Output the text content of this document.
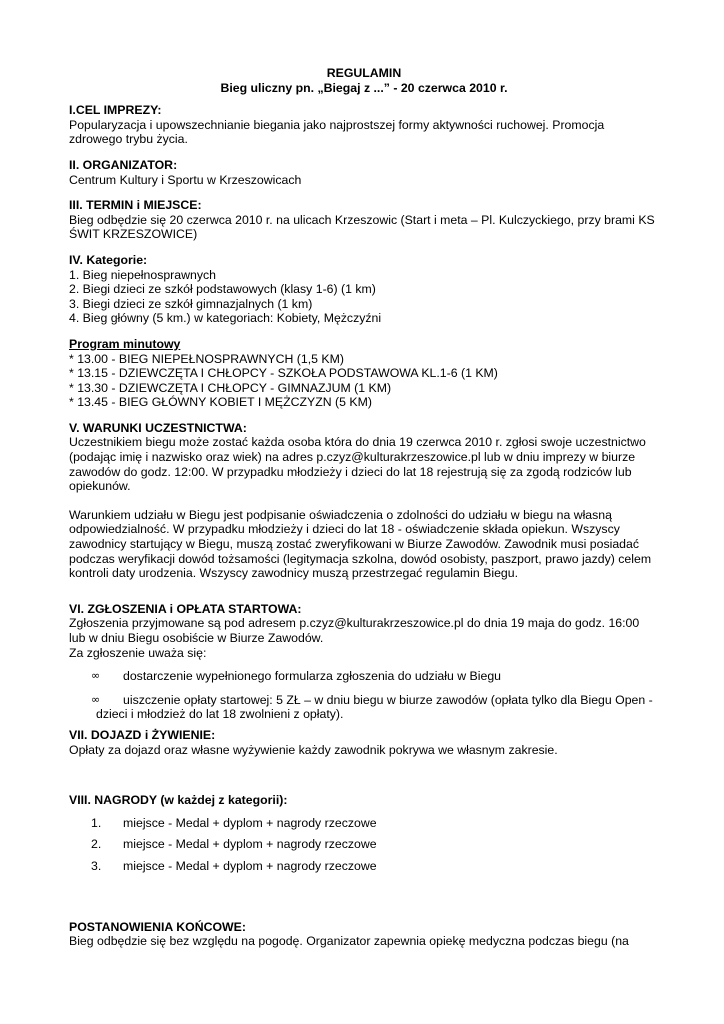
REGULAMIN

Bieg uliczny pn. „Biegaj z ...” - 20 czerwca 2010 r.

I.CEL IMPREZY:

Popularyzacja i upowszechnianie biegania jako najprostszej formy aktywności ruchowej. Promocja zdrowego trybu życia.

II. ORGANIZATOR:

Centrum Kultury i Sportu w Krzeszowicach

III. TERMIN i MIEJSCE:

Bieg odbędzie się 20 czerwca 2010 r. na ulicach Krzeszowic (Start i meta – Pl. Kulczyckiego, przy brami KS ŚWIT KRZESZOWICE)

IV. Kategorie:

1. Bieg niepełnosprawnych

2. Biegi dzieci ze szkół podstawowych (klasy 1-6) (1 km)

3. Biegi dzieci ze szkół gimnazjalnych (1 km)

4. Bieg główny (5 km.) w kategoriach: Kobiety, Mężczyźni

Program minutowy

* 13.00 - BIEG NIEPEŁNOSPRAWNYCH (1,5 KM)

* 13.15 - DZIEWCZĘTA I CHŁOPCY - SZKOŁA PODSTAWOWA KL.1-6 (1 KM)

* 13.30 - DZIEWCZĘTA I CHŁOPCY - GIMNAZJUM (1 KM)

* 13.45 - BIEG GŁÓWNY KOBIET I MĘŻCZYZN (5 KM)

V. WARUNKI UCZESTNICTWA:

Uczestnikiem biegu może zostać każda osoba która do dnia 19 czerwca 2010 r. zgłosi swoje uczestnictwo (podając imię i nazwisko oraz wiek) na adres p.czyz@kulturakrzeszowice.pl lub w dniu imprezy w biurze zawodów do godz. 12:00. W przypadku młodzieży i dzieci do lat 18 rejestrują się za zgodą rodziców lub opiekunów.

Warunkiem udziału w Biegu jest podpisanie oświadczenia o zdolności do udziału w biegu na własną odpowiedzialność. W przypadku młodzieży i dzieci do lat 18 - oświadczenie składa opiekun. Wszyscy zawodnicy startujący w Biegu, muszą zostać zweryfikowani w Biurze Zawodów. Zawodnik musi posiadać podczas weryfikacji dowód tożsamości (legitymacja szkolna, dowód osobisty, paszport, prawo jazdy) celem kontroli daty urodzenia. Wszyscy zawodnicy muszą przestrzegać regulamin Biegu.

VI. ZGŁOSZENIA i OPŁATA STARTOWA:

Zgłoszenia przyjmowane są pod adresem p.czyz@kulturakrzeszowice.pl do dnia 19 maja do godz. 16:00 lub w dniu Biegu osobiście w Biurze Zawodów.

Za zgłoszenie uważa się:

∞ dostarczenie wypełnionego formularza zgłoszenia do udziału w Biegu
∞	uiszczenie opłaty startowej: 5 ZŁ – w dniu biegu w biurze zawodów (opłata tylko dla Biegu Open - dzieci i młodzież do lat 18 zwolnieni z opłaty).

VII. DOJAZD i ŻYWIENIE:

Opłaty za dojazd oraz własne wyżywienie każdy zawodnik pokrywa we własnym zakresie.

VIII. NAGRODY (w każdej z kategorii):

1. miejsce - Medal + dyplom + nagrody rzeczowe
2. miejsce - Medal + dyplom + nagrody rzeczowe
3. miejsce - Medal + dyplom + nagrody rzeczowe

POSTANOWIENIA KOŃCOWE:

Bieg odbędzie się bez względu na pogodę. Organizator zapewnia opiekę medyczna podczas biegu (na
